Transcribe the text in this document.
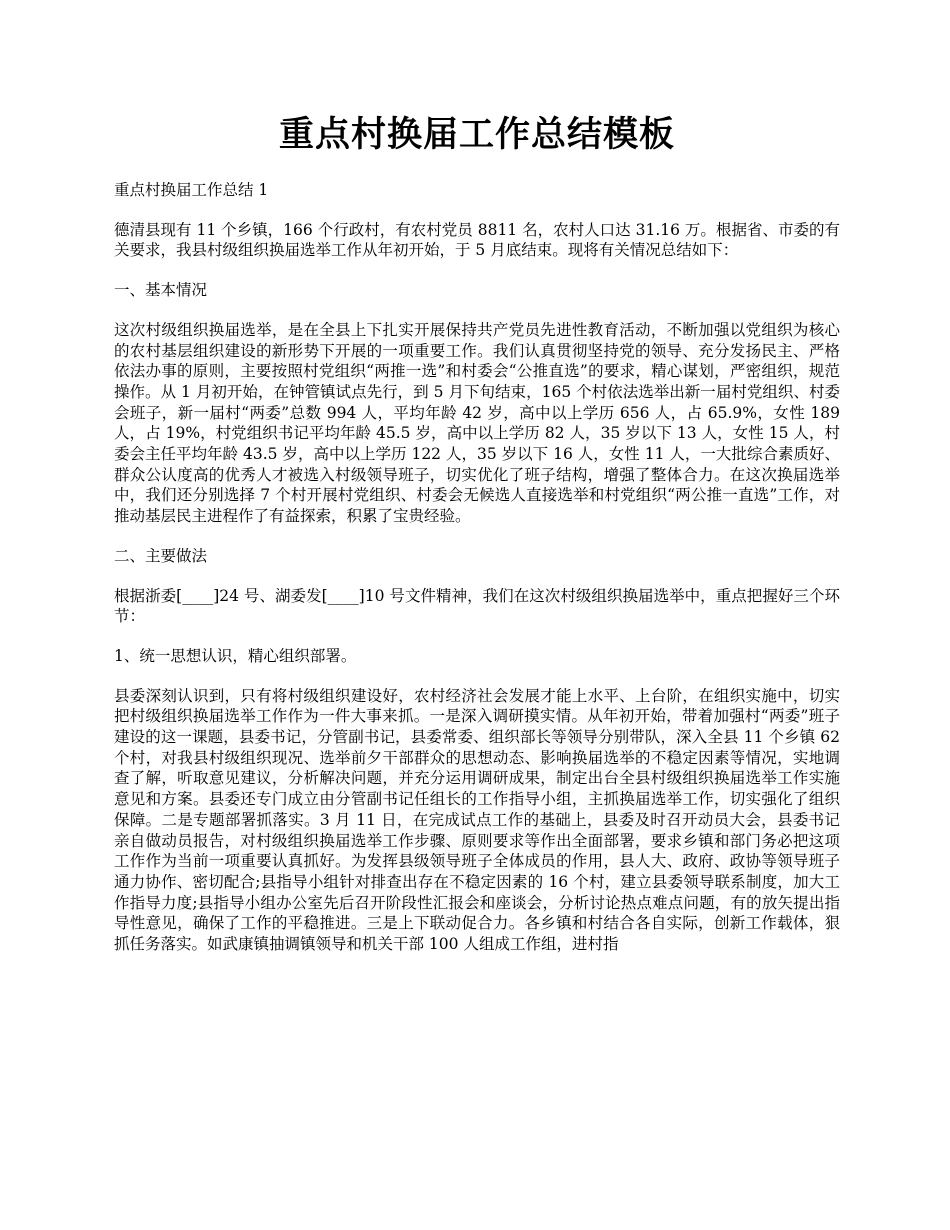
重点村换届工作总结模板

重点村换届工作总结 1

德清县现有 11 个乡镇，166 个行政村，有农村党员 8811 名，农村人口达 31.16 万。根据省、市委的有关要求，我县村级组织换届选举工作从年初开始，于 5 月底结束。现将有关情况总结如下：

一、基本情况

这次村级组织换届选举，是在全县上下扎实开展保持共产党员先进性教育活动，不断加强以党组织为核心的农村基层组织建设的新形势下开展的一项重要工作。我们认真贯彻坚持党的领导、充分发扬民主、严格依法办事的原则，主要按照村党组织“两推一选”和村委会“公推直选”的要求，精心谋划，严密组织，规范操作。从 1 月初开始，在钟管镇试点先行，到 5 月下旬结束，165 个村依法选举出新一届村党组织、村委会班子，新一届村“两委”总数 994 人，平均年龄 42 岁，高中以上学历 656 人，占 65.9%，女性 189 人，占 19%，村党组织书记平均年龄 45.5 岁，高中以上学历 82 人，35 岁以下 13 人，女性 15 人，村委会主任平均年龄 43.5 岁，高中以上学历 122 人，35 岁以下 16 人，女性 11 人，一大批综合素质好、群众公认度高的优秀人才被选入村级领导班子，切实优化了班子结构，增强了整体合力。在这次换届选举中，我们还分别选择 7 个村开展村党组织、村委会无候选人直接选举和村党组织“两公推一直选”工作，对推动基层民主进程作了有益探索，积累了宝贵经验。

二、主要做法

根据浙委[____]24 号、湖委发[____]10 号文件精神，我们在这次村级组织换届选举中，重点把握好三个环节：

1、统一思想认识，精心组织部署。

县委深刻认识到，只有将村级组织建设好，农村经济社会发展才能上水平、上台阶，在组织实施中，切实把村级组织换届选举工作作为一件大事来抓。一是深入调研摸实情。从年初开始，带着加强村“两委”班子建设的这一课题，县委书记，分管副书记，县委常委、组织部长等领导分别带队，深入全县 11 个乡镇 62 个村，对我县村级组织现况、选举前夕干部群众的思想动态、影响换届选举的不稳定因素等情况，实地调查了解，听取意见建议，分析解决问题，并充分运用调研成果，制定出台全县村级组织换届选举工作实施意见和方案。县委还专门成立由分管副书记任组长的工作指导小组，主抓换届选举工作，切实强化了组织保障。二是专题部署抓落实。3 月 11 日，在完成试点工作的基础上，县委及时召开动员大会，县委书记亲自做动员报告，对村级组织换届选举工作步骤、原则要求等作出全面部署，要求乡镇和部门务必把这项工作作为当前一项重要认真抓好。为发挥县级领导班子全体成员的作用，县人大、政府、政协等领导班子通力协作、密切配合;县指导小组针对排查出存在不稳定因素的 16 个村，建立县委领导联系制度，加大工作指导力度;县指导小组办公室先后召开阶段性汇报会和座谈会，分析讨论热点难点问题，有的放矢提出指导性意见，确保了工作的平稳推进。三是上下联动促合力。各乡镇和村结合各自实际，创新工作载体，狠抓任务落实。如武康镇抽调镇领导和机关干部 100 人组成工作组，进村指
